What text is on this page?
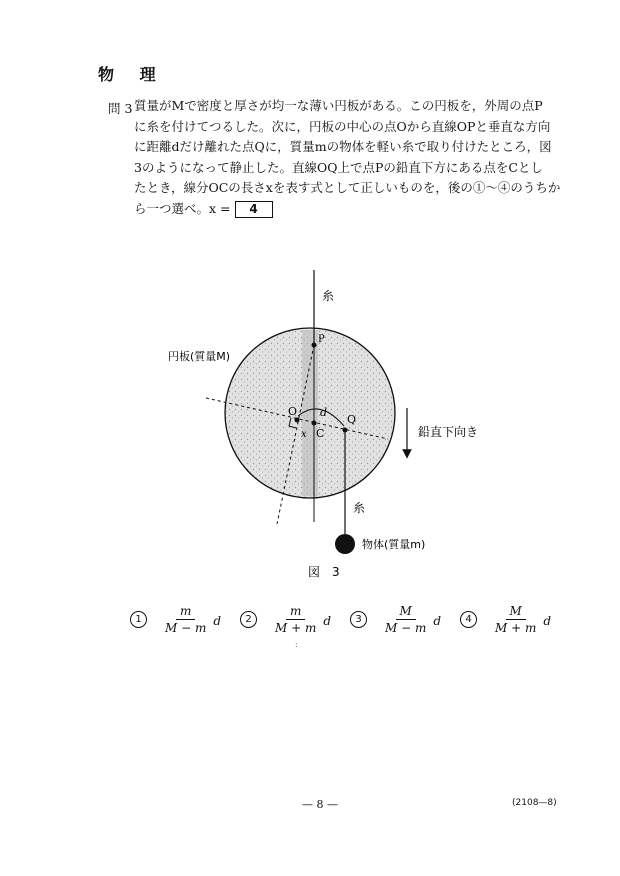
物 理
問 3 質量がMで密度と厚さが均一な薄い円板がある。この円板を，外周の点P

に糸を付けてつるした。次に，円板の中心の点Oから直線OPと垂直な方向

に距離dだけ離れた点Qに，質量mの物体を軽い糸で取り付けたところ，図

3のようになって静止した。直線OQ上で点Pの鉛直下方にある点をCとし

たとき，線分OCの長さxを表す式として正しいものを，後の①～④のうちか

ら一つ選べ。x = 4

糸
P
円板(質量M)
O d
x C
Q
鉛直下向き
糸
物体(質量m)
図　3
1	$\frac{m}{M - m}$ d	2	$\frac{m}{M + m}$ d	3	$\frac{M}{M - m}$ d	4	$\frac{M}{M + m}$ d
:
— 8 —	(2108—8)
